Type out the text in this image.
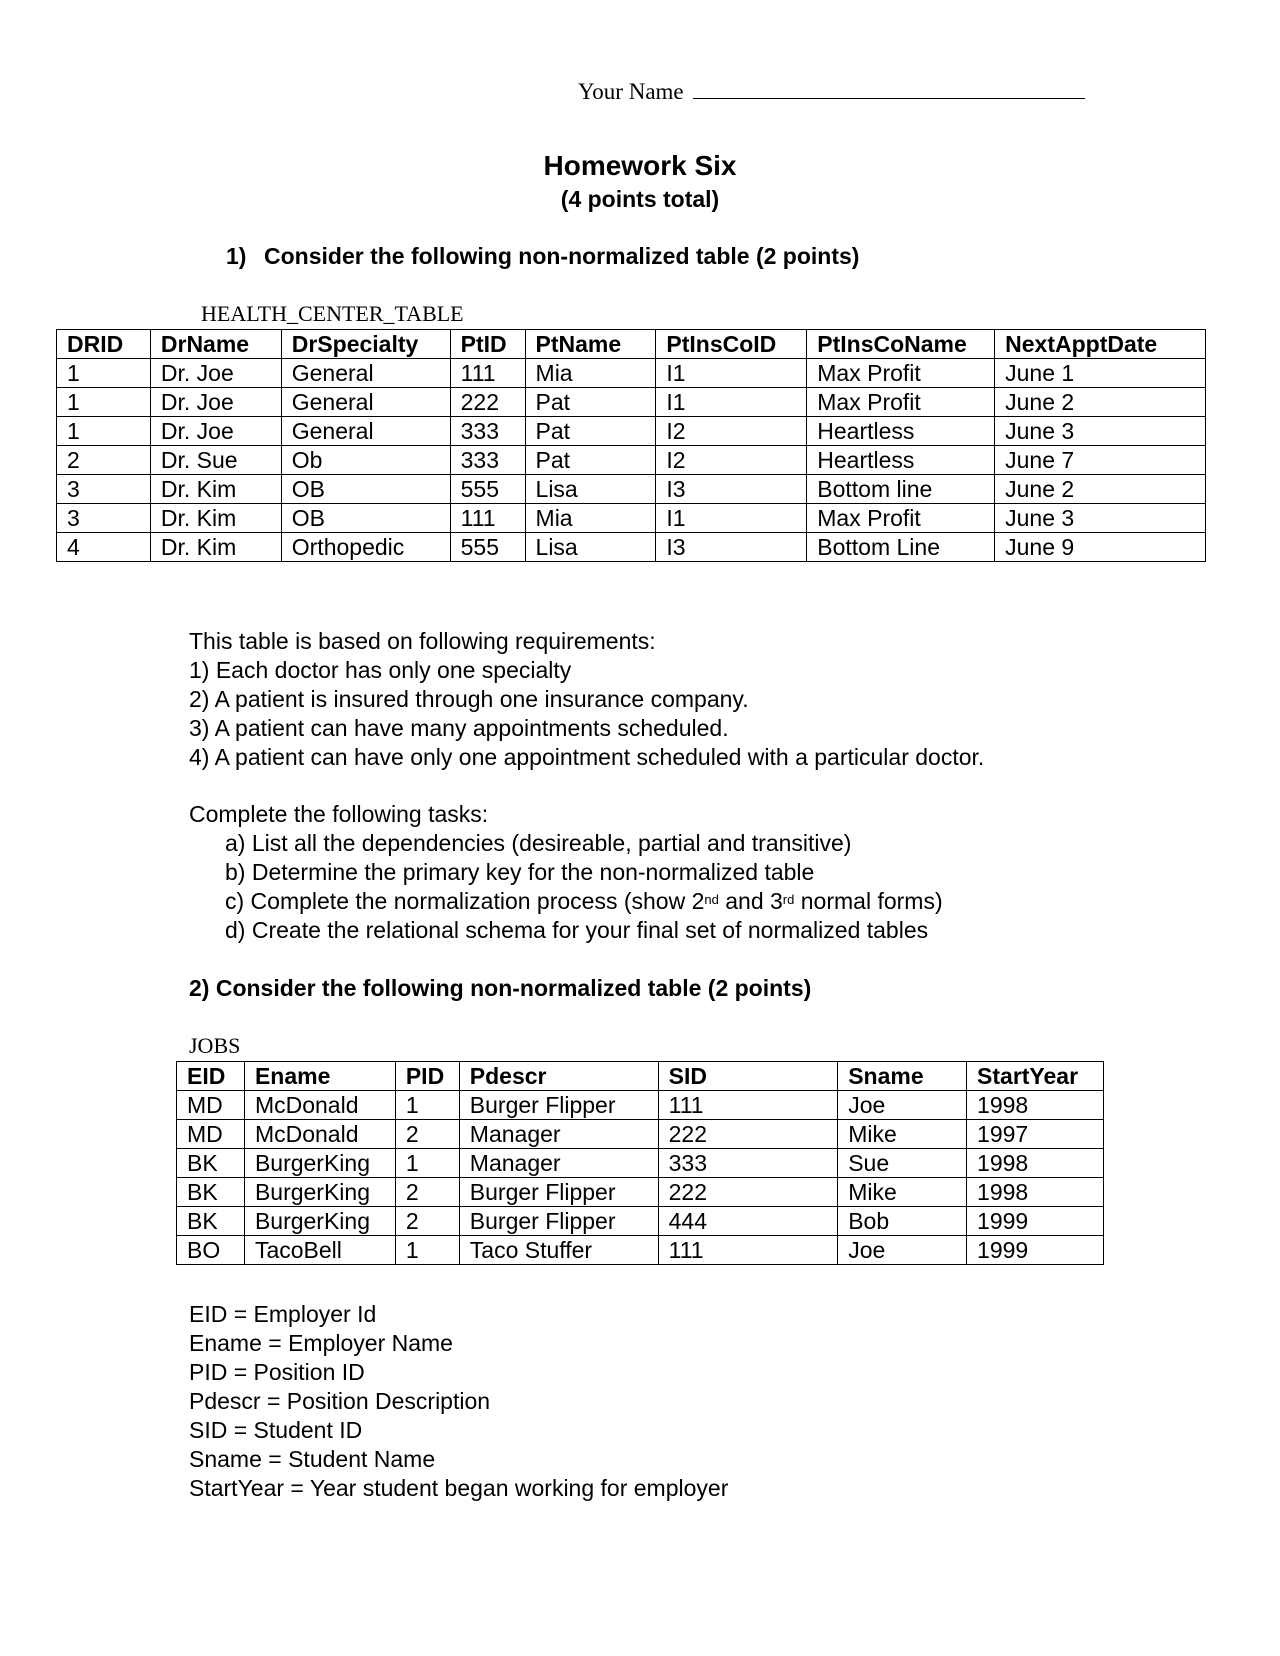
Your Name
Homework Six
(4 points total)
1) Consider the following non-normalized table (2 points)
HEALTH_CENTER_TABLE
DRID	DrName	DrSpecialty	PtID	PtName	PtInsCoID	PtInsCoName	NextApptDate
1	Dr. Joe	General	111	Mia	I1	Max Profit	June 1
1	Dr. Joe	General	222	Pat	I1	Max Profit	June 2
1	Dr. Joe	General	333	Pat	I2	Heartless	June 3
2	Dr. Sue	Ob	333	Pat	I2	Heartless	June 7
3	Dr. Kim	OB	555	Lisa	I3	Bottom line	June 2
3	Dr. Kim	OB	111	Mia	I1	Max Profit	June 3
4	Dr. Kim	Orthopedic	555	Lisa	I3	Bottom Line	June 9
This table is based on following requirements:
1) Each doctor has only one specialty
2) A patient is insured through one insurance company.
3) A patient can have many appointments scheduled.
4) A patient can have only one appointment scheduled with a particular doctor.
Complete the following tasks:
a) List all the dependencies (desireable, partial and transitive)
b) Determine the primary key for the non-normalized table
c) Complete the normalization process (show 2nd and 3rd normal forms)
d) Create the relational schema for your final set of normalized tables
2) Consider the following non-normalized table (2 points)
JOBS
EID	Ename	PID	Pdescr	SID	Sname	StartYear
MD	McDonald	1	Burger Flipper	111	Joe	1998
MD	McDonald	2	Manager	222	Mike	1997
BK	BurgerKing	1	Manager	333	Sue	1998
BK	BurgerKing	2	Burger Flipper	222	Mike	1998
BK	BurgerKing	2	Burger Flipper	444	Bob	1999
BO	TacoBell	1	Taco Stuffer	111	Joe	1999
EID = Employer Id
Ename = Employer Name
PID = Position ID
Pdescr = Position Description
SID = Student ID
Sname = Student Name
StartYear = Year student began working for employer
